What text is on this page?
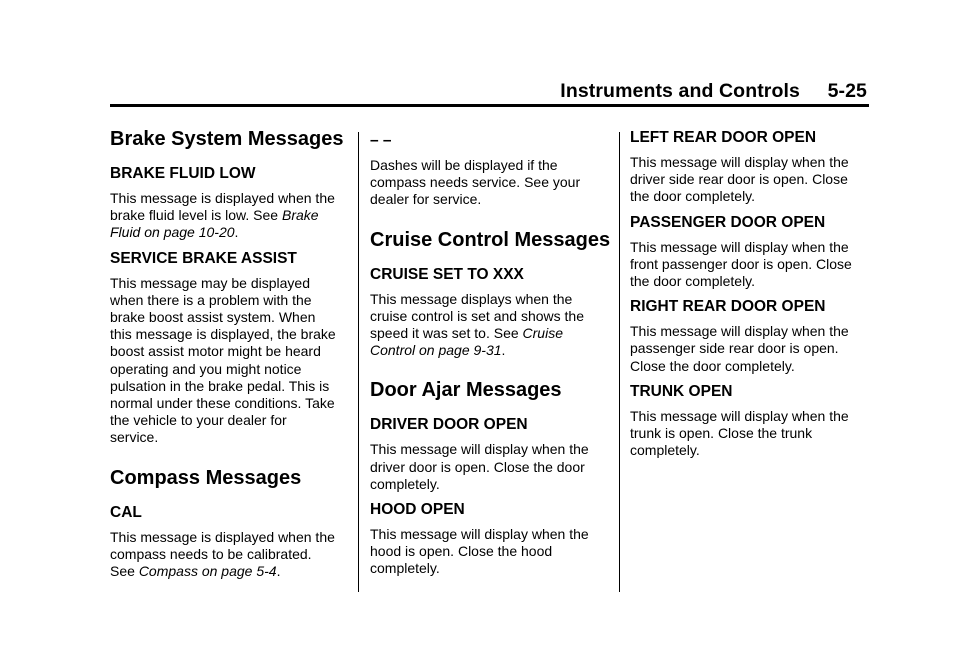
Instruments and Controls 5-25
Brake System Messages
BRAKE FLUID LOW

This message is displayed when the
brake fluid level is low. See Brake
Fluid on page 10-20.

SERVICE BRAKE ASSIST

This message may be displayed
when there is a problem with the
brake boost assist system. When
this message is displayed, the brake
boost assist motor might be heard
operating and you might notice
pulsation in the brake pedal. This is
normal under these conditions. Take
the vehicle to your dealer for
service.

Compass Messages
CAL

This message is displayed when the
compass needs to be calibrated.
See Compass on page 5-4.

– –

Dashes will be displayed if the
compass needs service. See your
dealer for service.

Cruise Control Messages
CRUISE SET TO XXX

This message displays when the
cruise control is set and shows the
speed it was set to. See Cruise
Control on page 9-31.

Door Ajar Messages
DRIVER DOOR OPEN

This message will display when the
driver door is open. Close the door
completely.

HOOD OPEN

This message will display when the
hood is open. Close the hood
completely.

LEFT REAR DOOR OPEN

This message will display when the
driver side rear door is open. Close
the door completely.

PASSENGER DOOR OPEN

This message will display when the
front passenger door is open. Close
the door completely.

RIGHT REAR DOOR OPEN

This message will display when the
passenger side rear door is open.
Close the door completely.

TRUNK OPEN

This message will display when the
trunk is open. Close the trunk
completely.
